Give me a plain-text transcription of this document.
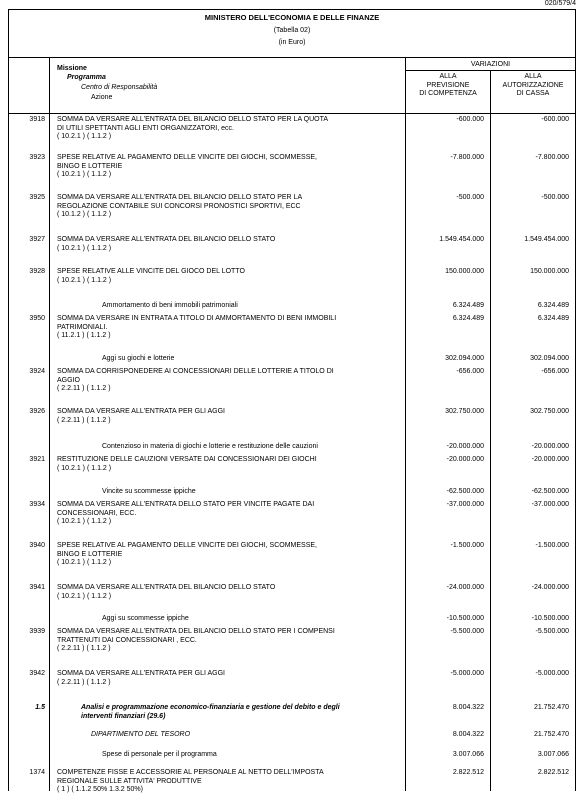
020/579/4
MINISTERO DELL'ECONOMIA E DELLE FINANZE
(Tabella 02)
(in Euro)
Missione
Programma
Centro di Responsabilità
Azione
VARIAZIONI
ALLA
PREVISIONE
DI COMPETENZA
ALLA
AUTORIZZAZIONE
DI CASSA
3918 SOMMA DA VERSARE ALL'ENTRATA DEL BILANCIO DELLO STATO PER LA QUOTA
DI UTILI SPETTANTI AGLI ENTI ORGANIZZATORI, ecc.
( 10.2.1 ) ( 1.1.2 )
-600.000	-600.000
3923 SPESE RELATIVE AL PAGAMENTO DELLE VINCITE DEI GIOCHI, SCOMMESSE,
BINGO E LOTTERIE
( 10.2.1 ) ( 1.1.2 )
-7.800.000	-7.800.000
3925 SOMMA DA VERSARE ALL'ENTRATA DEL BILANCIO DELLO STATO PER LA
REGOLAZIONE CONTABILE SUI CONCORSI PRONOSTICI SPORTIVI, ECC
( 10.1.2 ) ( 1.1.2 )
-500.000	-500.000
3927 SOMMA DA VERSARE ALL'ENTRATA DEL BILANCIO DELLO STATO
( 10.2.1 ) ( 1.1.2 )
1.549.454.000	1.549.454.000
3928 SPESE RELATIVE ALLE VINCITE DEL GIOCO DEL LOTTO
( 10.2.1 ) ( 1.1.2 )
150.000.000	150.000.000
Ammortamento di beni immobili patrimoniali	6.324.489	6.324.489
3950 SOMMA DA VERSARE IN ENTRATA A TITOLO DI AMMORTAMENTO DI BENI IMMOBILI
PATRIMONIALI.
( 11.2.1 ) ( 1.1.2 )
6.324.489	6.324.489
Aggi su giochi e lotterie	302.094.000	302.094.000
3924 SOMMA DA CORRISPONEDERE AI CONCESSIONARI DELLE LOTTERIE A TITOLO DI
AGGIO
( 2.2.11 ) ( 1.1.2 )
-656.000	-656.000
3926 SOMMA DA VERSARE ALL'ENTRATA PER GLI AGGI
( 2.2.11 ) ( 1.1.2 )
302.750.000	302.750.000
Contenzioso in materia di giochi e lotterie e restituzione delle cauzioni	-20.000.000	-20.000.000
3921 RESTITUZIONE DELLE CAUZIONI VERSATE DAI CONCESSIONARI DEI GIOCHI
( 10.2.1 ) ( 1.1.2 )
-20.000.000	-20.000.000
Vincite su scommesse ippiche	-62.500.000	-62.500.000
3934 SOMMA DA VERSARE ALL'ENTRATA DELLO STATO PER VINCITE PAGATE DAI
CONCESSIONARI, ECC.
( 10.2.1 ) ( 1.1.2 )
-37.000.000	-37.000.000
3940 SPESE RELATIVE AL PAGAMENTO DELLE VINCITE DEI GIOCHI, SCOMMESSE,
BINGO E LOTTERIE
( 10.2.1 ) ( 1.1.2 )
-1.500.000	-1.500.000
3941 SOMMA DA VERSARE ALL'ENTRATA DEL BILANCIO DELLO STATO
( 10.2.1 ) ( 1.1.2 )
-24.000.000	-24.000.000
Aggi su scommesse ippiche	-10.500.000	-10.500.000
3939 SOMMA DA VERSARE ALL'ENTRATA DEL BILANCIO DELLO STATO PER I COMPENSI
TRATTENUTI DAI CONCESSIONARI , ECC.
( 2.2.11 ) ( 1.1.2 )
-5.500.000	-5.500.000
3942 SOMMA DA VERSARE ALL'ENTRATA PER GLI AGGI
( 2.2.11 ) ( 1.1.2 )
-5.000.000	-5.000.000
1.5	Analisi e programmazione economico-finanziaria e gestione del debito e degli
interventi finanziari (29.6)
8.004.322	21.752.470
DIPARTIMENTO DEL TESORO	8.004.322	21.752.470
Spese di personale per il programma	3.007.066	3.007.066
1374 COMPETENZE FISSE E ACCESSORIE AL PERSONALE AL NETTO DELL'IMPOSTA
REGIONALE SULLE ATTIVITA' PRODUTTIVE
( 1 ) ( 1.1.2 50% 1.3.2 50%)
2.822.512	2.822.512
